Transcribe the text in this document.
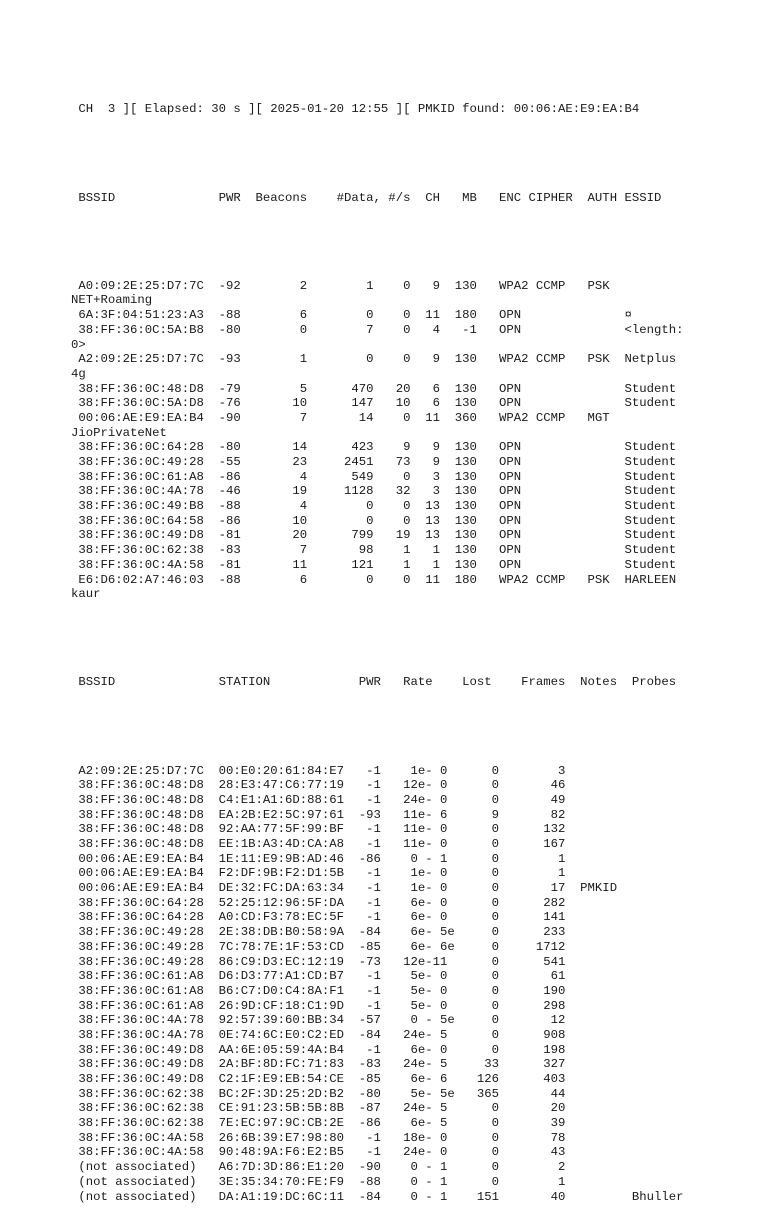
CH  3 ][ Elapsed: 30 s ][ 2025-01-20 12:55 ][ PMKID found: 00:06:AE:E9:EA:B4

BSSID              PWR  Beacons    #Data, #/s  CH   MB   ENC CIPHER  AUTH ESSID

A0:09:2E:25:D7:7C  -92        2        1    0   9  130   WPA2 CCMP   PSK
NET+Roaming
6A:3F:04:51:23:A3  -88        6        0    0  11  180   OPN              ¤
38:FF:36:0C:5A:B8  -80        0        7    0   4   -1   OPN              <length:
0>
A2:09:2E:25:D7:7C  -93        1        0    0   9  130   WPA2 CCMP   PSK  Netplus
4g
38:FF:36:0C:48:D8  -79        5      470   20   6  130   OPN              Student
38:FF:36:0C:5A:D8  -76       10      147   10   6  130   OPN              Student
00:06:AE:E9:EA:B4  -90        7       14    0  11  360   WPA2 CCMP   MGT
JioPrivateNet
38:FF:36:0C:64:28  -80       14      423    9   9  130   OPN              Student
38:FF:36:0C:49:28  -55       23     2451   73   9  130   OPN              Student
38:FF:36:0C:61:A8  -86        4      549    0   3  130   OPN              Student
38:FF:36:0C:4A:78  -46       19     1128   32   3  130   OPN              Student
38:FF:36:0C:49:B8  -88        4        0    0  13  130   OPN              Student
38:FF:36:0C:64:58  -86       10        0    0  13  130   OPN              Student
38:FF:36:0C:49:D8  -81       20      799   19  13  130   OPN              Student
38:FF:36:0C:62:38  -83        7       98    1   1  130   OPN              Student
38:FF:36:0C:4A:58  -81       11      121    1   1  130   OPN              Student
E6:D6:02:A7:46:03  -88        6        0    0  11  180   WPA2 CCMP   PSK  HARLEEN
kaur

BSSID              STATION            PWR   Rate    Lost    Frames  Notes  Probes

A2:09:2E:25:D7:7C  00:E0:20:61:84:E7   -1    1e- 0      0        3
38:FF:36:0C:48:D8  28:E3:47:C6:77:19   -1   12e- 0      0       46
38:FF:36:0C:48:D8  C4:E1:A1:6D:88:61   -1   24e- 0      0       49
38:FF:36:0C:48:D8  EA:2B:E2:5C:97:61  -93   11e- 6      9       82
38:FF:36:0C:48:D8  92:AA:77:5F:99:BF   -1   11e- 0      0      132
38:FF:36:0C:48:D8  EE:1B:A3:4D:CA:A8   -1   11e- 0      0      167
00:06:AE:E9:EA:B4  1E:11:E9:9B:AD:46  -86    0 - 1      0        1
00:06:AE:E9:EA:B4  F2:DF:9B:F2:D1:5B   -1    1e- 0      0        1
00:06:AE:E9:EA:B4  DE:32:FC:DA:63:34   -1    1e- 0      0       17  PMKID
38:FF:36:0C:64:28  52:25:12:96:5F:DA   -1    6e- 0      0      282
38:FF:36:0C:64:28  A0:CD:F3:78:EC:5F   -1    6e- 0      0      141
38:FF:36:0C:49:28  2E:38:DB:B0:58:9A  -84    6e- 5e     0      233
38:FF:36:0C:49:28  7C:78:7E:1F:53:CD  -85    6e- 6e     0     1712
38:FF:36:0C:49:28  86:C9:D3:EC:12:19  -73   12e-11      0      541
38:FF:36:0C:61:A8  D6:D3:77:A1:CD:B7   -1    5e- 0      0       61
38:FF:36:0C:61:A8  B6:C7:D0:C4:8A:F1   -1    5e- 0      0      190
38:FF:36:0C:61:A8  26:9D:CF:18:C1:9D   -1    5e- 0      0      298
38:FF:36:0C:4A:78  92:57:39:60:BB:34  -57    0 - 5e     0       12
38:FF:36:0C:4A:78  0E:74:6C:E0:C2:ED  -84   24e- 5      0      908
38:FF:36:0C:49:D8  AA:6E:05:59:4A:B4   -1    6e- 0      0      198
38:FF:36:0C:49:D8  2A:BF:8D:FC:71:83  -83   24e- 5     33      327
38:FF:36:0C:49:D8  C2:1F:E9:EB:54:CE  -85    6e- 6    126      403
38:FF:36:0C:62:38  BC:2F:3D:25:2D:B2  -80    5e- 5e   365       44
38:FF:36:0C:62:38  CE:91:23:5B:5B:8B  -87   24e- 5      0       20
38:FF:36:0C:62:38  7E:EC:97:9C:CB:2E  -86    6e- 5      0       39
38:FF:36:0C:4A:58  26:6B:39:E7:98:80   -1   18e- 0      0       78
38:FF:36:0C:4A:58  90:48:9A:F6:E2:B5   -1   24e- 0      0       43
(not associated)   A6:7D:3D:86:E1:20  -90    0 - 1      0        2
(not associated)   3E:35:34:70:FE:F9  -88    0 - 1      0        1
(not associated)   DA:A1:19:DC:6C:11  -84    0 - 1    151       40         Bhuller
